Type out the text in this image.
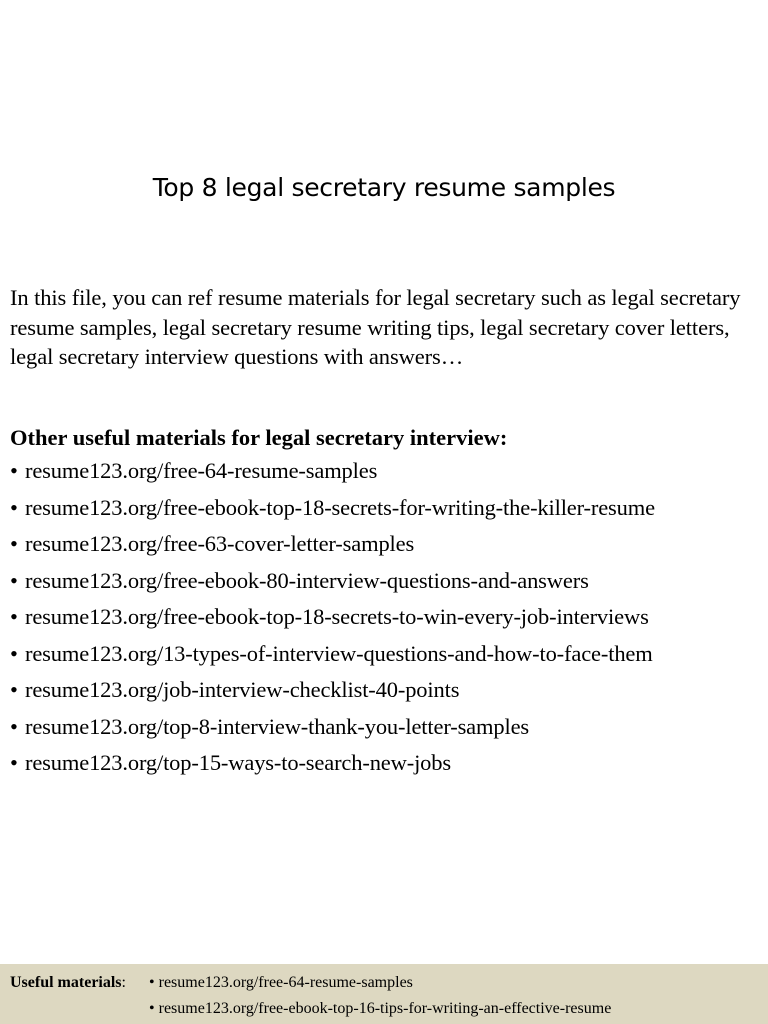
Top 8 legal secretary resume samples

In this file, you can ref resume materials for legal secretary such as legal secretary resume samples, legal secretary resume writing tips, legal secretary cover letters, legal secretary interview questions with answers…

Other useful materials for legal secretary interview:

• resume123.org/free-64-resume-samples
• resume123.org/free-ebook-top-18-secrets-for-writing-the-killer-resume
• resume123.org/free-63-cover-letter-samples
• resume123.org/free-ebook-80-interview-questions-and-answers
• resume123.org/free-ebook-top-18-secrets-to-win-every-job-interviews
• resume123.org/13-types-of-interview-questions-and-how-to-face-them
• resume123.org/job-interview-checklist-40-points
• resume123.org/top-8-interview-thank-you-letter-samples
• resume123.org/top-15-ways-to-search-new-jobs
Useful materials: • resume123.org/free-64-resume-samples
• resume123.org/free-ebook-top-16-tips-for-writing-an-effective-resume
